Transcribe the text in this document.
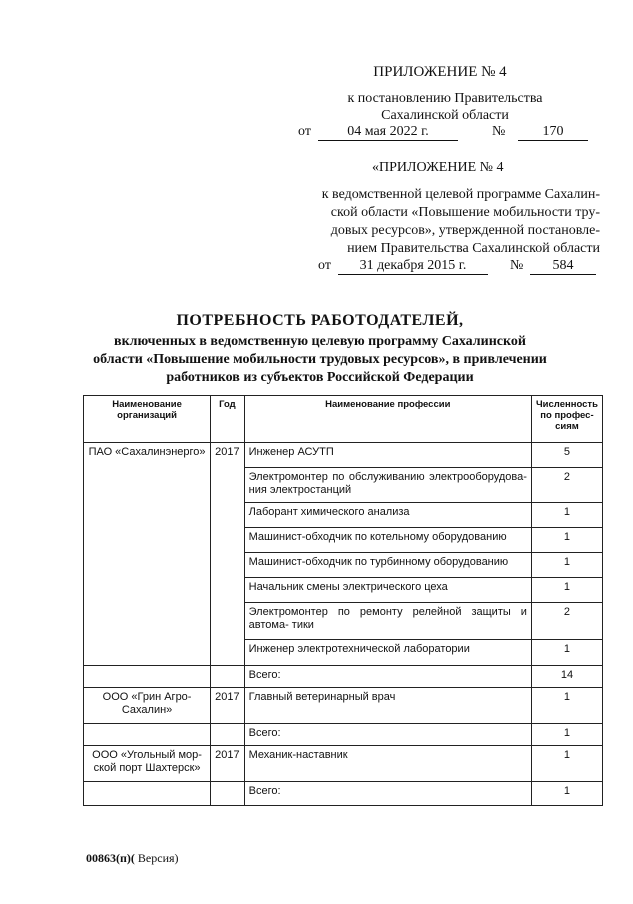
ПРИЛОЖЕНИЕ № 4
к постановлению Правительства
Сахалинской области
от	04 мая 2022 г.	№	170
«ПРИЛОЖЕНИЕ № 4
к ведомственной целевой программе Сахалин-
ской области «Повышение мобильности тру-
довых ресурсов», утвержденной постановле-
нием Правительства Сахалинской области
от	31 декабря 2015 г.	№	584
ПОТРЕБНОСТЬ РАБОТОДАТЕЛЕЙ,
включенных в ведомственную целевую программу Сахалинской
области «Повышение мобильности трудовых ресурсов», в привлечении
работников из субъектов Российской Федерации
Наименование организаций	Год	Наименование профессии	Численность по профес- сиям
ПАО «Сахалинэнерго»	2017	Инженер АСУТП	5
		Электромонтер по обслуживанию электрооборудова- ния электростанций	2
		Лаборант химического анализа	1
		Машинист-обходчик по котельному оборудованию	1
		Машинист-обходчик по турбинному оборудованию	1
		Начальник смены электрического цеха	1
		Электромонтер по ремонту релейной защиты и автома- тики	2
		Инженер электротехнической лаборатории	1
		Всего:	14
ООО «Грин Агро-Сахалин»	2017	Главный ветеринарный врач	1
		Всего:	1
ООО «Угольный мор- ской порт Шахтерск»	2017	Механик-наставник	1
		Всего:	1
00863(п)( Версия)
